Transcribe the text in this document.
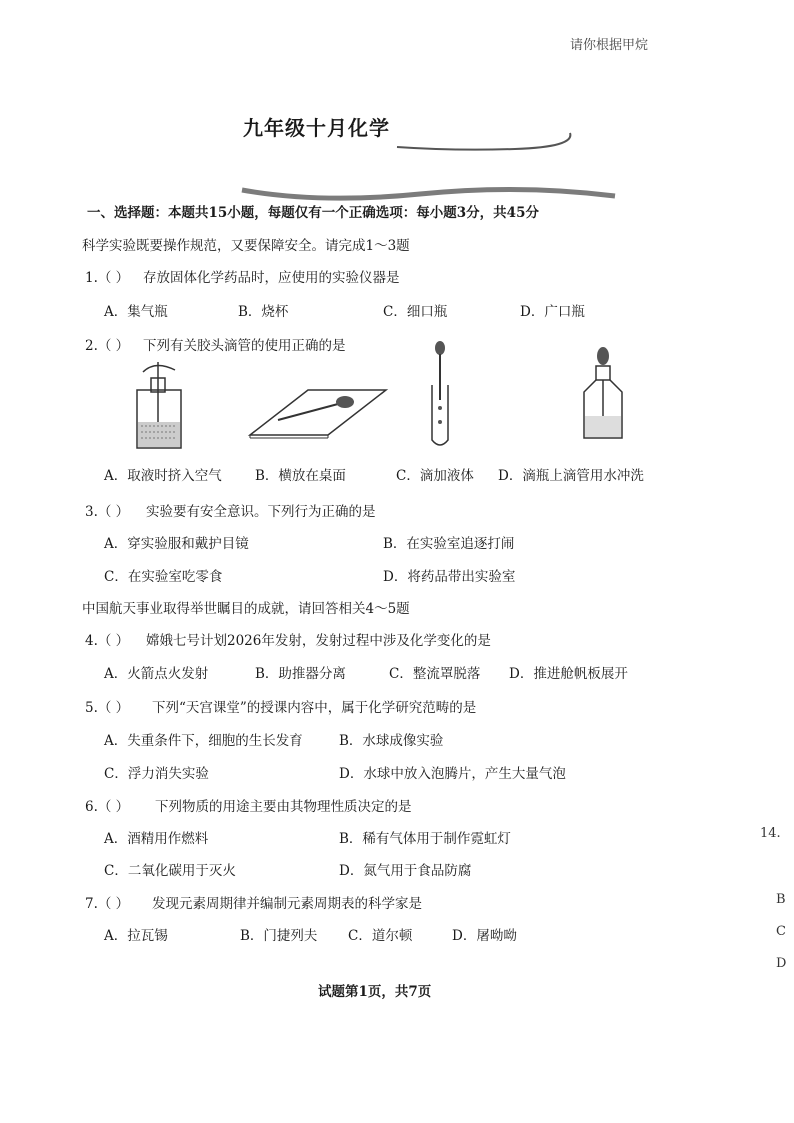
请你根据甲烷
九年级十月化学
一、选择题：本题共15小题，每题仅有一个正确选项：每小题3分，共45分
科学实验既要操作规范，又要保障安全。请完成1～3题
1.（ ） 存放固体化学药品时，应使用的实验仪器是
A．集气瓶	B．烧杯	C．细口瓶	D．广口瓶
2.（ ） 下列有关胶头滴管的使用正确的是
A．取液时挤入空气 B．横放在桌面	C．滴加液体 D．滴瓶上滴管用水冲洗
3.（ ） 实验要有安全意识。下列行为正确的是
A．穿实验服和戴护目镜	B．在实验室追逐打闹
C．在实验室吃零食	D．将药品带出实验室
中国航天事业取得举世瞩目的成就，请回答相关4～5题
4.（ ） 嫦娥七号计划2026年发射，发射过程中涉及化学变化的是
A．火箭点火发射	B．助推器分离	C．整流罩脱落 D．推进舱帆板展开
5.（ ） 下列“天宫课堂”的授课内容中，属于化学研究范畴的是
A．失重条件下，细胞的生长发育	B．水球成像实验
C．浮力消失实验	D．水球中放入泡腾片，产生大量气泡
6.（ ） 下列物质的用途主要由其物理性质决定的是
A．酒精用作燃料	B．稀有气体用于制作霓虹灯
C．二氧化碳用于灭火	D．氮气用于食品防腐
7.（ ） 发现元素周期律并编制元素周期表的科学家是
A．拉瓦锡	B．门捷列夫 C．道尔顿	D．屠呦呦
14.
B
C
D
试题第1页，共7页
